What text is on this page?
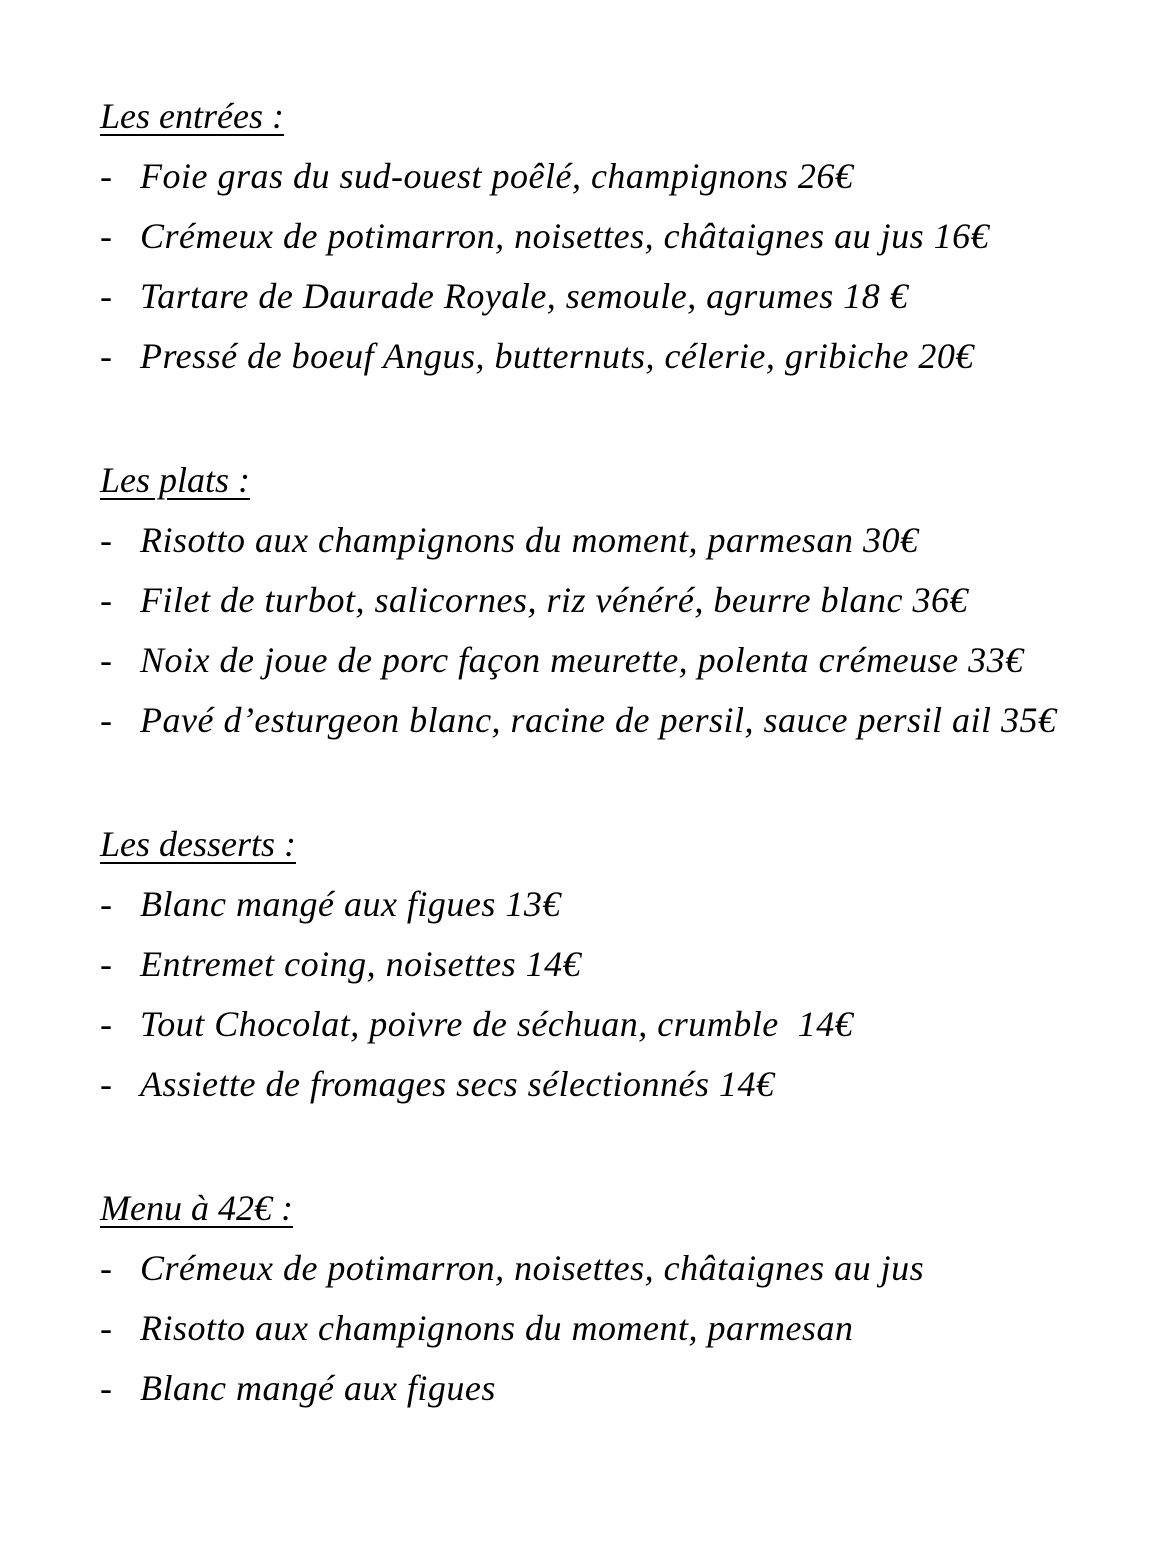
Les entrées :
- Foie gras du sud-ouest poêlé, champignons 26€
- Crémeux de potimarron, noisettes, châtaignes au jus 16€
- Tartare de Daurade Royale, semoule, agrumes 18 €
- Pressé de boeuf Angus, butternuts, célerie, gribiche 20€
Les plats :
- Risotto aux champignons du moment, parmesan 30€
- Filet de turbot, salicornes, riz vénéré, beurre blanc 36€
- Noix de joue de porc façon meurette, polenta crémeuse 33€
- Pavé d’esturgeon blanc, racine de persil, sauce persil ail 35€
Les desserts :
- Blanc mangé aux figues 13€
- Entremet coing, noisettes 14€
- Tout Chocolat, poivre de séchuan, crumble  14€
- Assiette de fromages secs sélectionnés 14€
Menu à 42€ :
- Crémeux de potimarron, noisettes, châtaignes au jus
- Risotto aux champignons du moment, parmesan
- Blanc mangé aux figues
